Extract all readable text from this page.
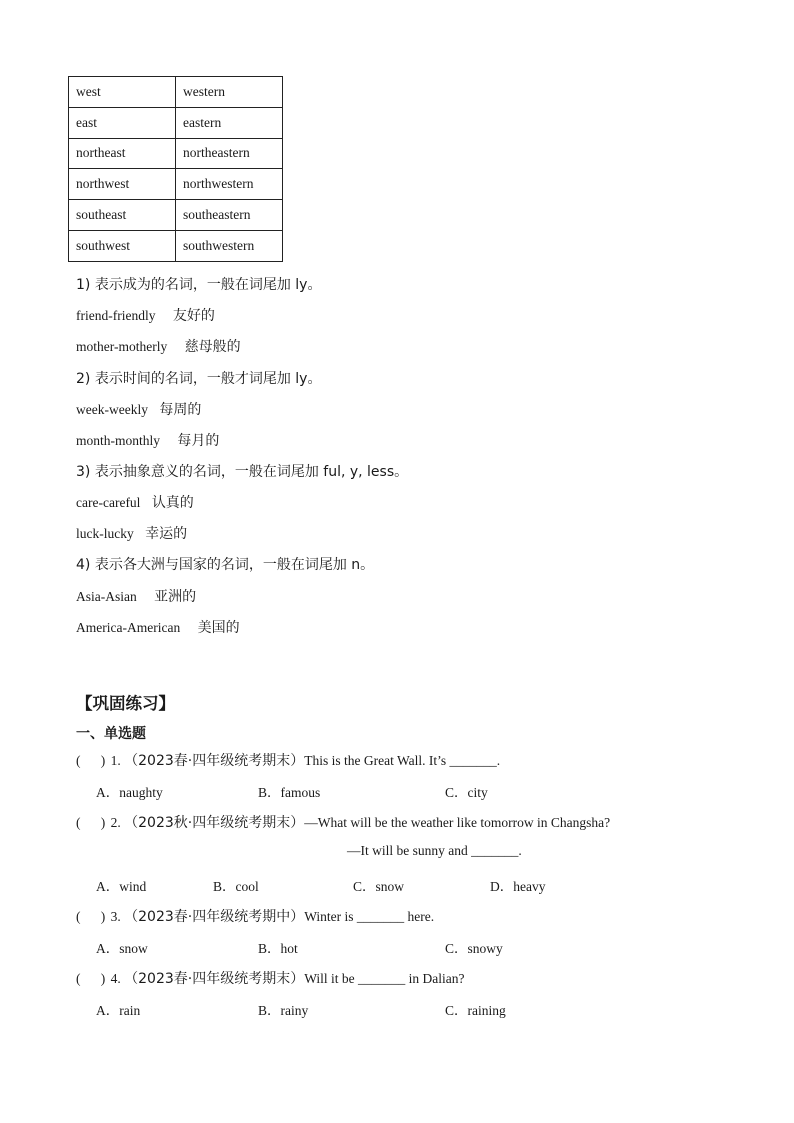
west	western
east	eastern
northeast	northeastern
northwest	northwestern
southeast	southeastern
southwest	southwestern
1) 表示成为的名词，一般在词尾加 ly。
friend-friendly 友好的
mother-motherly 慈母般的
2) 表示时间的名词，一般才词尾加 ly。
week-weekly 每周的
month-monthly 每月的
3) 表示抽象意义的名词，一般在词尾加 ful, y, less。
care-careful 认真的
luck-lucky 幸运的
4) 表示各大洲与国家的名词，一般在词尾加 n。
Asia-Asian 亚洲的
America-American 美国的
【巩固练习】
一、单选题
(      ) 1. （2023春·四年级统考期末）This is the Great Wall. It’s _______.
A．naughty	B．famous	C．city
(      ) 2. （2023秋·四年级统考期末）—What will be the weather like tomorrow in Changsha?
—It will be sunny and _______.
A．wind	B．cool	C．snow	D．heavy
(      ) 3. （2023春·四年级统考期中）Winter is _______ here.
A．snow	B．hot	C．snowy
(      ) 4. （2023春·四年级统考期末）Will it be _______ in Dalian?
A．rain	B．rainy	C．raining
